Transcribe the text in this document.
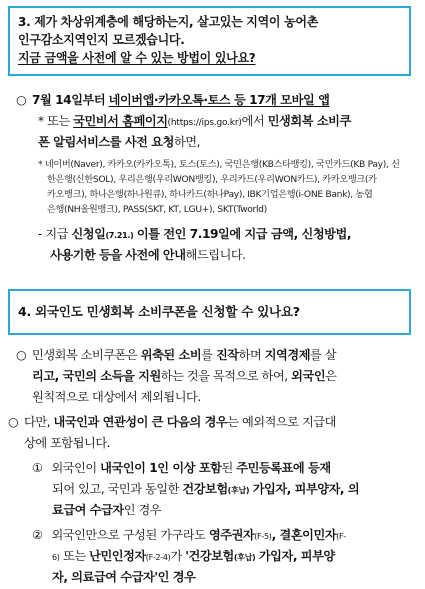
3. 제가 차상위계층에 해당하는지, 살고있는 지역이 농어촌
인구감소지역인지 모르겠습니다.
지금 금액을 사전에 알 수 있는 방법이 있나요?
○ 7월 14일부터 네이버앱·카카오톡·토스 등 17개 모바일 앱
* 또는 국민비서 홈페이지(https://ips.go.kr)에서 민생회복 소비쿠
폰 알림서비스를 사전 요청하면,
* 네이버(Naver), 카카오(카카오톡), 토스(토스), 국민은행(KB스타뱅킹), 국민카드(KB Pay), 신
한은행(신한SOL), 우리은행(우리WON뱅킹), 우리카드(우리WON카드), 카카오뱅크(카
카오뱅크), 하나은행(하나원큐), 하나카드(하나Pay), IBK기업은행(i-ONE Bank), 농협
은행(NH올원뱅크), PASS(SKT, KT, LGU+), SKT(Tworld)
- 지급 신청일(7.21.) 이틀 전인 7.19일에 지급 금액, 신청방법,
사용기한 등을 사전에 안내해드립니다.
4. 외국인도 민생회복 소비쿠폰을 신청할 수 있나요?
○ 민생회복 소비쿠폰은 위축된 소비를 진작하며 지역경제를 살
리고, 국민의 소득을 지원하는 것을 목적으로 하여, 외국인은
원칙적으로 대상에서 제외됩니다.
○ 다만, 내국인과 연관성이 큰 다음의 경우는 예외적으로 지급대
상에 포함됩니다.
① 외국인이 내국인이 1인 이상 포함된 주민등록표에 등재
되어 있고, 국민과 동일한 건강보험(후납) 가입자, 피부양자, 의
료급여 수급자인 경우
② 외국인만으로 구성된 가구라도 영주권자(F-5), 결혼이민자(F-
6) 또는 난민인정자(F-2-4)가 '건강보험(후납) 가입자, 피부양
자, 의료급여 수급자'인 경우
